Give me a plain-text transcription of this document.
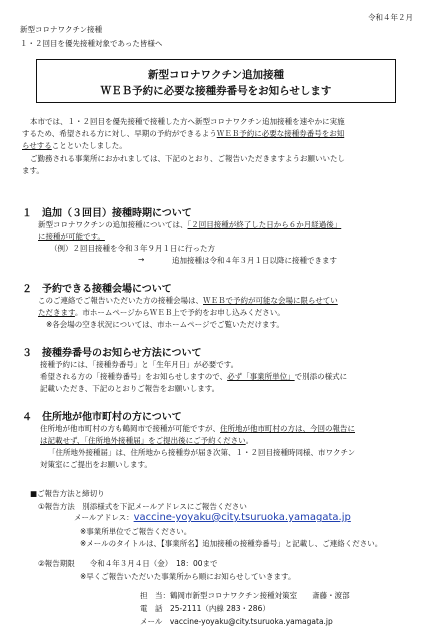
令和４年２月
新型コロナワクチン接種
１・２回目を優先接種対象であった皆様へ
新型コロナワクチン追加接種
ＷＥＢ予約に必要な接種券番号をお知らせします
本市では、１・２回目を優先接種で接種した方へ新型コロナワクチン追加接種を速やかに実施
するため、希望される方に対し、早期の予約ができるようＷＥＢ予約に必要な接種券番号をお知
らせすることといたしました。
ご勤務される事業所におかれましては、下記のとおり、ご報告いただきますようお願いいたし
ます。
１　追加（３回目）接種時期について
新型コロナワクチンの追加接種については、「２回目接種が終了した日から６か月経過後」
に接種が可能です。
（例）２回目接種を令和３年９月１日に行った方
→	追加接種は令和４年３月１日以降に接種できます
２　予約できる接種会場について
このご連絡でご報告いただいた方の接種会場は、ＷＥＢで予約が可能な会場に限らせてい
ただきます。市ホームページからＷＥＢ上で予約をお申し込みください。
※各会場の空き状況については、市ホームページでご覧いただけます。
３　接種券番号のお知らせ方法について
接種予約には、「接種券番号」と「生年月日」が必要です。
希望される方の「接種券番号」をお知らせしますので、必ず「事業所単位」で別添の様式に
記載いただき、下記のとおりご報告をお願いします。
４　住所地が他市町村の方について
住所地が他市町村の方も鶴岡市で接種が可能ですが、住所地が他市町村の方は、今回の報告に
は記載せず、「住所地外接種届」をご提出後にご予約ください。
「住所地外接種届」は、住所地から接種券が届き次第、１・２回目接種時同様、市ワクチン
対策室にご提出をお願いします。
■ご報告方法と締切り
①報告方法　別添様式を下記メールアドレスにご報告ください
メールアドレス：vaccine-yoyaku@city.tsuruoka.yamagata.jp
※事業所単位でご報告ください。
※メールのタイトルは、【事業所名】追加接種の接種券番号」と記載し、ご連絡ください。
②報告期限　　令和４年３月４日（金）　18：00まで
※早くご報告いただいた事業所から順にお知らせしていきます。
担　当：鶴岡市新型コロナワクチン接種対策室　　斎藤・渡部
電　話　25-2111（内線 283・286）
メール　vaccine-yoyaku@city.tsuruoka.yamagata.jp
